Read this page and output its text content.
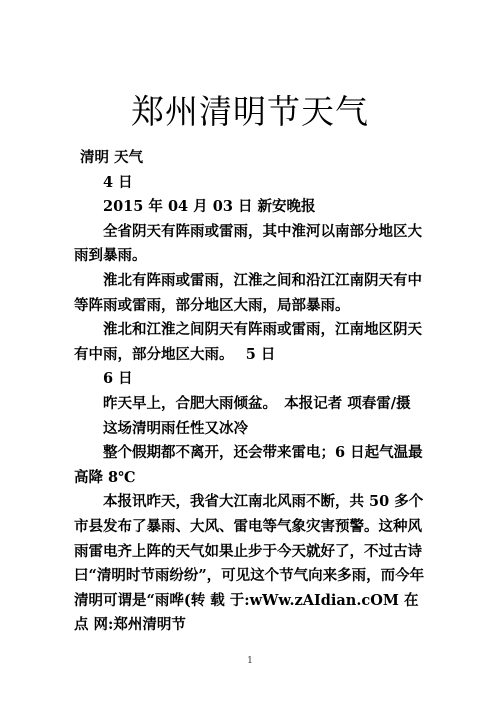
郑州清明节天气

清明 天气

4 日

2015 年 04 月 03 日 新安晚报

全省阴天有阵雨或雷雨，其中淮河以南部分地区大雨到暴雨。

淮北有阵雨或雷雨，江淮之间和沿江江南阴天有中等阵雨或雷雨，部分地区大雨，局部暴雨。

淮北和江淮之间阴天有阵雨或雷雨，江南地区阴天有中雨，部分地区大雨。　 5 日

6 日

昨天早上，合肥大雨倾盆。　本报记者 项春雷/摄

这场清明雨任性又冰冷

整个假期都不离开，还会带来雷电；6 日起气温最高降 8℃

本报讯昨天，我省大江南北风雨不断，共 50 多个市县发布了暴雨、大风、雷电等气象灾害预警。这种风雨雷电齐上阵的天气如果止步于今天就好了，不过古诗曰“清明时节雨纷纷”，可见这个节气向来多雨，而今年清明可谓是“雨哗(转 载 于:wWw.zAIdian.cOM 在 点 网:郑州清明节

1
